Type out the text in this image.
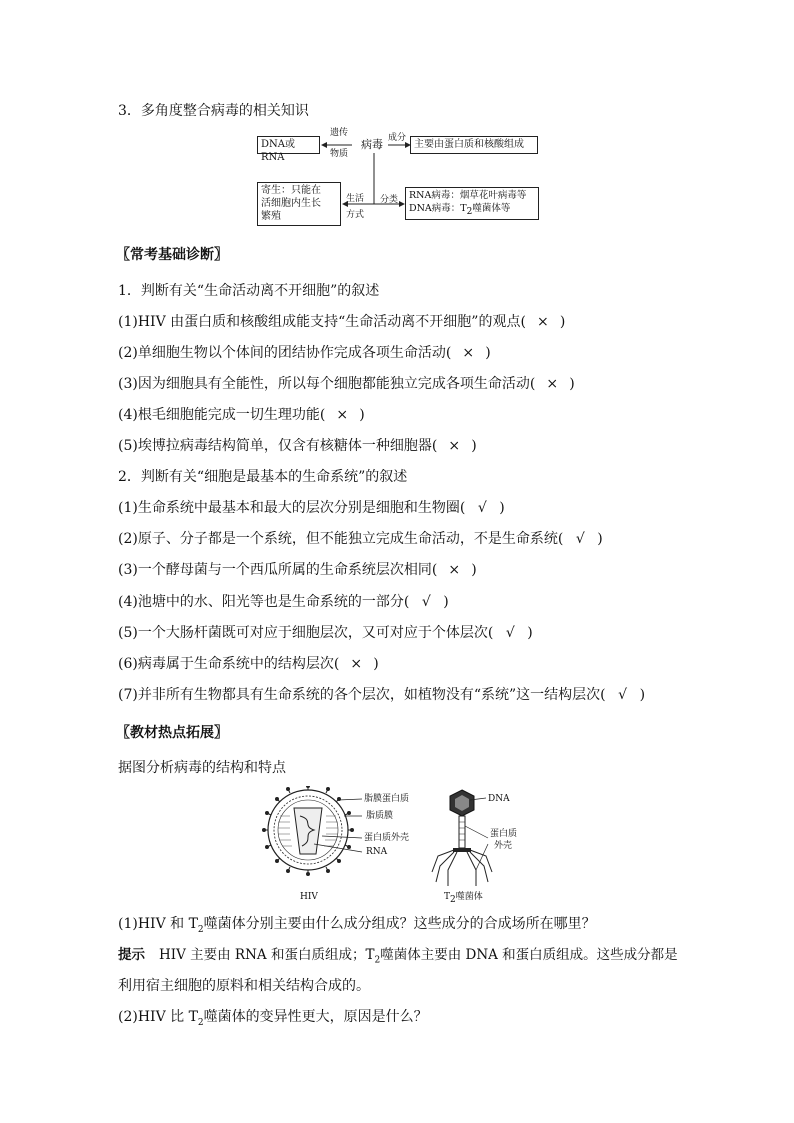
3．多角度整合病毒的相关知识
DNA或RNA
遗传
物质
病毒 成分
主要由蛋白质和核酸组成
寄生：只能在
活细胞内生长
繁殖
生活
方式
分类	RNA病毒：烟草花叶病毒等
DNA病毒：$T_2$噬菌体等
〖常考基础诊断〗
1．判断有关“生命活动离不开细胞”的叙述
(1)HIV 由蛋白质和核酸组成能支持“生命活动离不开细胞”的观点( × )
(2)单细胞生物以个体间的团结协作完成各项生命活动( × )
(3)因为细胞具有全能性，所以每个细胞都能独立完成各项生命活动( × )
(4)根毛细胞能完成一切生理功能( × )
(5)埃博拉病毒结构简单，仅含有核糖体一种细胞器( × )
2．判断有关“细胞是最基本的生命系统”的叙述
(1)生命系统中最基本和最大的层次分别是细胞和生物圈( √ )
(2)原子、分子都是一个系统，但不能独立完成生命活动，不是生命系统( √ )
(3)一个酵母菌与一个西瓜所属的生命系统层次相同( × )
(4)池塘中的水、阳光等也是生命系统的一部分( √ )
(5)一个大肠杆菌既可对应于细胞层次，又可对应于个体层次( √ )
(6)病毒属于生命系统中的结构层次( × )
(7)并非所有生物都具有生命系统的各个层次，如植物没有“系统”这一结构层次( √ )
〖教材热点拓展〗
据图分析病毒的结构和特点
脂膜蛋白质
脂质膜
蛋白质外壳
RNA
HIV
DNA
蛋白质
外壳
$T_2$噬菌体
(1)HIV 和 $T_2$噬菌体分别主要由什么成分组成？这些成分的合成场所在哪里？
提示 HIV 主要由 RNA 和蛋白质组成；$T_2$噬菌体主要由 DNA 和蛋白质组成。这些成分都是
利用宿主细胞的原料和相关结构合成的。
(2)HIV 比 $T_2$噬菌体的变异性更大，原因是什么？
